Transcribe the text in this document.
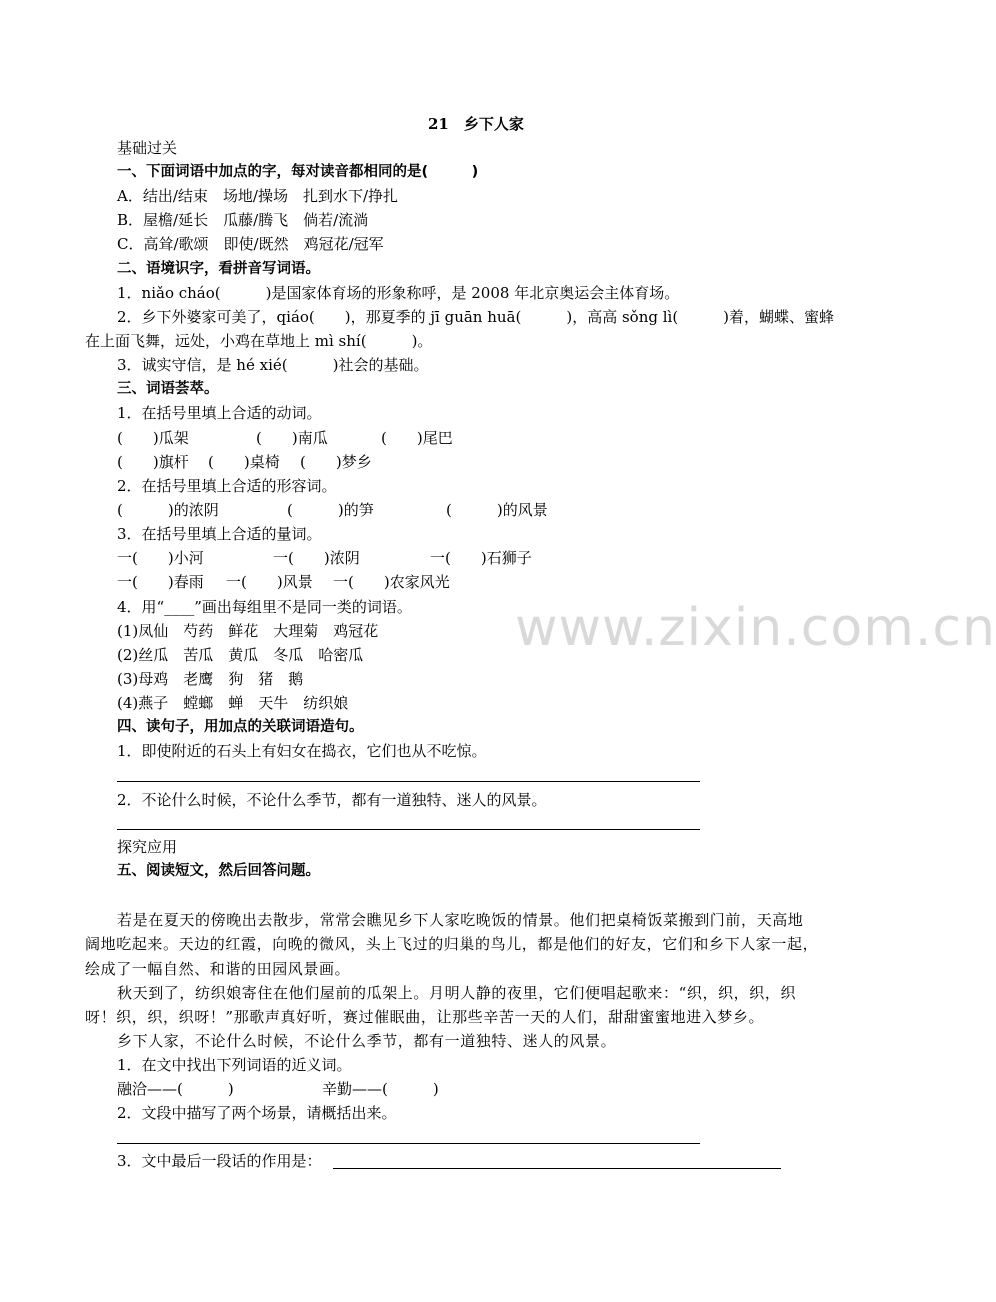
21　乡下人家
基础过关
一、下面词语中加点的字，每对读音都相同的是(　　　)
A．结出/结束　场地/操场　扎到水下/挣扎
B．屋檐/延长　瓜藤/腾飞　倘若/流淌
C．高耸/歌颂　即使/既然　鸡冠花/冠军
二、语境识字，看拼音写词语。
1．niǎo cháo(　　　)是国家体育场的形象称呼，是 2008 年北京奥运会主体育场。
2．乡下外婆家可美了，qiáo(　　)，那夏季的 jī guān huā(　　　)，高高 sǒng lì(　　　)着，蝴蝶、蜜蜂
在上面飞舞，远处，小鸡在草地上 mì shí(　　　)。
3．诚实守信，是 hé xié(　　　)社会的基础。
三、词语荟萃。
1．在括号里填上合适的动词。
(　　)瓜架	(　　)南瓜	(　　)尾巴
(　　)旗杆 (　　)桌椅 (　　)梦乡
2．在括号里填上合适的形容词。
(　　　)的浓阴	(　　　)的笋	(　　　)的风景
3．在括号里填上合适的量词。
一(　　)小河	一(　　)浓阴	一(　　)石狮子
一(　　)春雨 一(　　)风景 一(　　)农家风光
4．用“____”画出每组里不是同一类的词语。
(1)凤仙　芍药　鲜花　大理菊　鸡冠花
(2)丝瓜　苦瓜　黄瓜　冬瓜　哈密瓜
(3)母鸡　老鹰　狗　猪　鹅
(4)燕子　螳螂　蝉　天牛　纺织娘
四、读句子，用加点的关联词语造句。
1．即使附近的石头上有妇女在捣衣，它们也从不吃惊。
2．不论什么时候，不论什么季节，都有一道独特、迷人的风景。
探究应用
五、阅读短文，然后回答问题。
若是在夏天的傍晚出去散步，常常会瞧见乡下人家吃晚饭的情景。他们把桌椅饭菜搬到门前，天高地
阔地吃起来。天边的红霞，向晚的微风，头上飞过的归巢的鸟儿，都是他们的好友，它们和乡下人家一起，
绘成了一幅自然、和谐的田园风景画。
秋天到了，纺织娘寄住在他们屋前的瓜架上。月明人静的夜里，它们便唱起歌来：“织，织，织，织
呀！织，织，织呀！”那歌声真好听，赛过催眠曲，让那些辛苦一天的人们，甜甜蜜蜜地进入梦乡。
乡下人家，不论什么时候，不论什么季节，都有一道独特、迷人的风景。
1．在文中找出下列词语的近义词。
融洽——(　　　)	辛勤——(　　　)
2．文段中描写了两个场景，请概括出来。
3．文中最后一段话的作用是：
www.zixin.com.cn
